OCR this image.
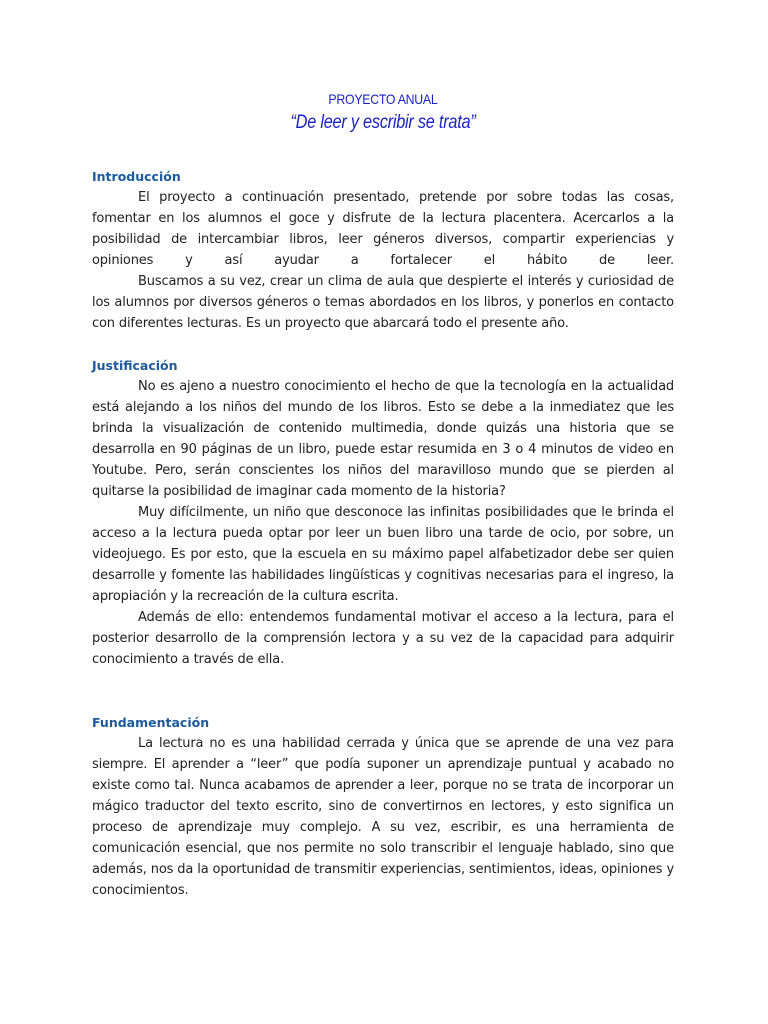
PROYECTO ANUAL
“De leer y escribir se trata”
Introducción

El proyecto a continuación presentado, pretende por sobre todas las cosas, fomentar en los alumnos el goce y disfrute de la lectura placentera. Acercarlos a la posibilidad de intercambiar libros, leer géneros diversos, compartir experiencias y opiniones y así ayudar a fortalecer el hábito de leer.

Buscamos a su vez, crear un clima de aula que despierte el interés y curiosidad de los alumnos por diversos géneros o temas abordados en los libros, y ponerlos en contacto con diferentes lecturas. Es un proyecto que abarcará todo el presente año.

Justificación

No es ajeno a nuestro conocimiento el hecho de que la tecnología en la actualidad está alejando a los niños del mundo de los libros. Esto se debe a la inmediatez que les brinda la visualización de contenido multimedia, donde quizás una historia que se desarrolla en 90 páginas de un libro, puede estar resumida en 3 o 4 minutos de video en Youtube. Pero, serán conscientes los niños del maravilloso mundo que se pierden al quitarse la posibilidad de imaginar cada momento de la historia?

Muy difícilmente, un niño que desconoce las infinitas posibilidades que le brinda el acceso a la lectura pueda optar por leer un buen libro una tarde de ocio, por sobre, un videojuego. Es por esto, que la escuela en su máximo papel alfabetizador debe ser quien desarrolle y fomente las habilidades lingüísticas y cognitivas necesarias para el ingreso, la apropiación y la recreación de la cultura escrita.

Además de ello: entendemos fundamental motivar el acceso a la lectura, para el posterior desarrollo de la comprensión lectora y a su vez de la capacidad para adquirir conocimiento a través de ella.

Fundamentación

La lectura no es una habilidad cerrada y única que se aprende de una vez para siempre. El aprender a “leer” que podía suponer un aprendizaje puntual y acabado no existe como tal. Nunca acabamos de aprender a leer, porque no se trata de incorporar un mágico traductor del texto escrito, sino de convertirnos en lectores, y esto significa un proceso de aprendizaje muy complejo. A su vez, escribir, es una herramienta de comunicación esencial, que nos permite no solo transcribir el lenguaje hablado, sino que además, nos da la oportunidad de transmitir experiencias, sentimientos, ideas, opiniones y conocimientos.
